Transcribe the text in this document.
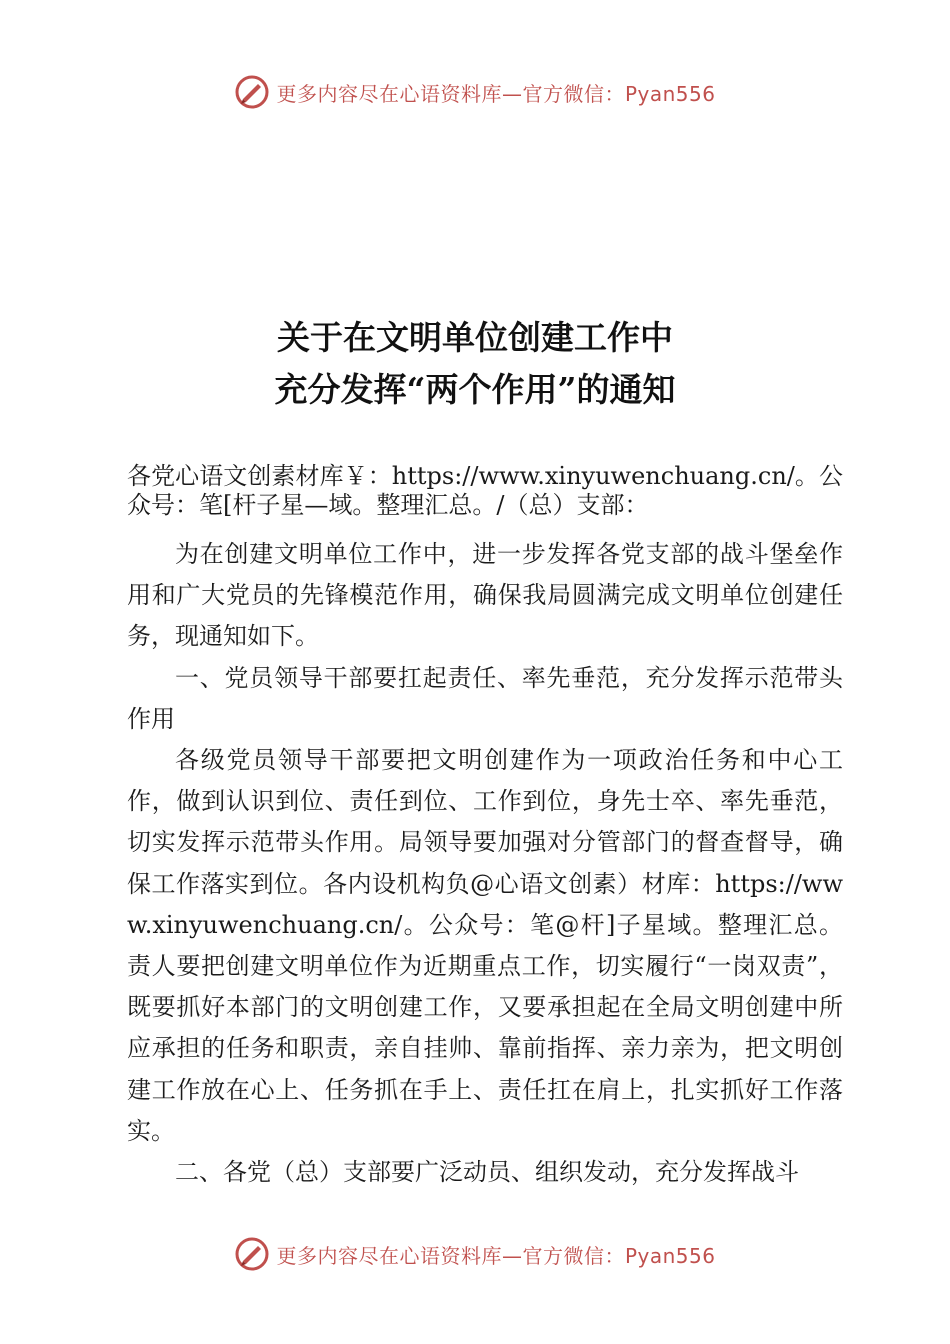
更多内容尽在心语资料库—官方微信：Pyan556
关于在文明单位创建工作中
充分发挥“两个作用”的通知

各党心语文创素材库￥：https://www.xinyuwenchuang.cn/。公众号：笔[杆子星—域。整理汇总。/（总）支部：

为在创建文明单位工作中，进一步发挥各党支部的战斗堡垒作用和广大党员的先锋模范作用，确保我局圆满完成文明单位创建任务，现通知如下。

一、党员领导干部要扛起责任、率先垂范，充分发挥示范带头作用

各级党员领导干部要把文明创建作为一项政治任务和中心工作，做到认识到位、责任到位、工作到位，身先士卒、率先垂范，切实发挥示范带头作用。局领导要加强对分管部门的督查督导，确保工作落实到位。各内设机构负@心语文创素）材库：https://www.xinyuwenchuang.cn/。公众号：笔@杆]子星域。整理汇总。责人要把创建文明单位作为近期重点工作，切实履行“一岗双责”，既要抓好本部门的文明创建工作，又要承担起在全局文明创建中所应承担的任务和职责，亲自挂帅、靠前指挥、亲力亲为，把文明创建工作放在心上、任务抓在手上、责任扛在肩上，扎实抓好工作落实。

二、各党（总）支部要广泛动员、组织发动，充分发挥战斗

更多内容尽在心语资料库—官方微信：Pyan556
